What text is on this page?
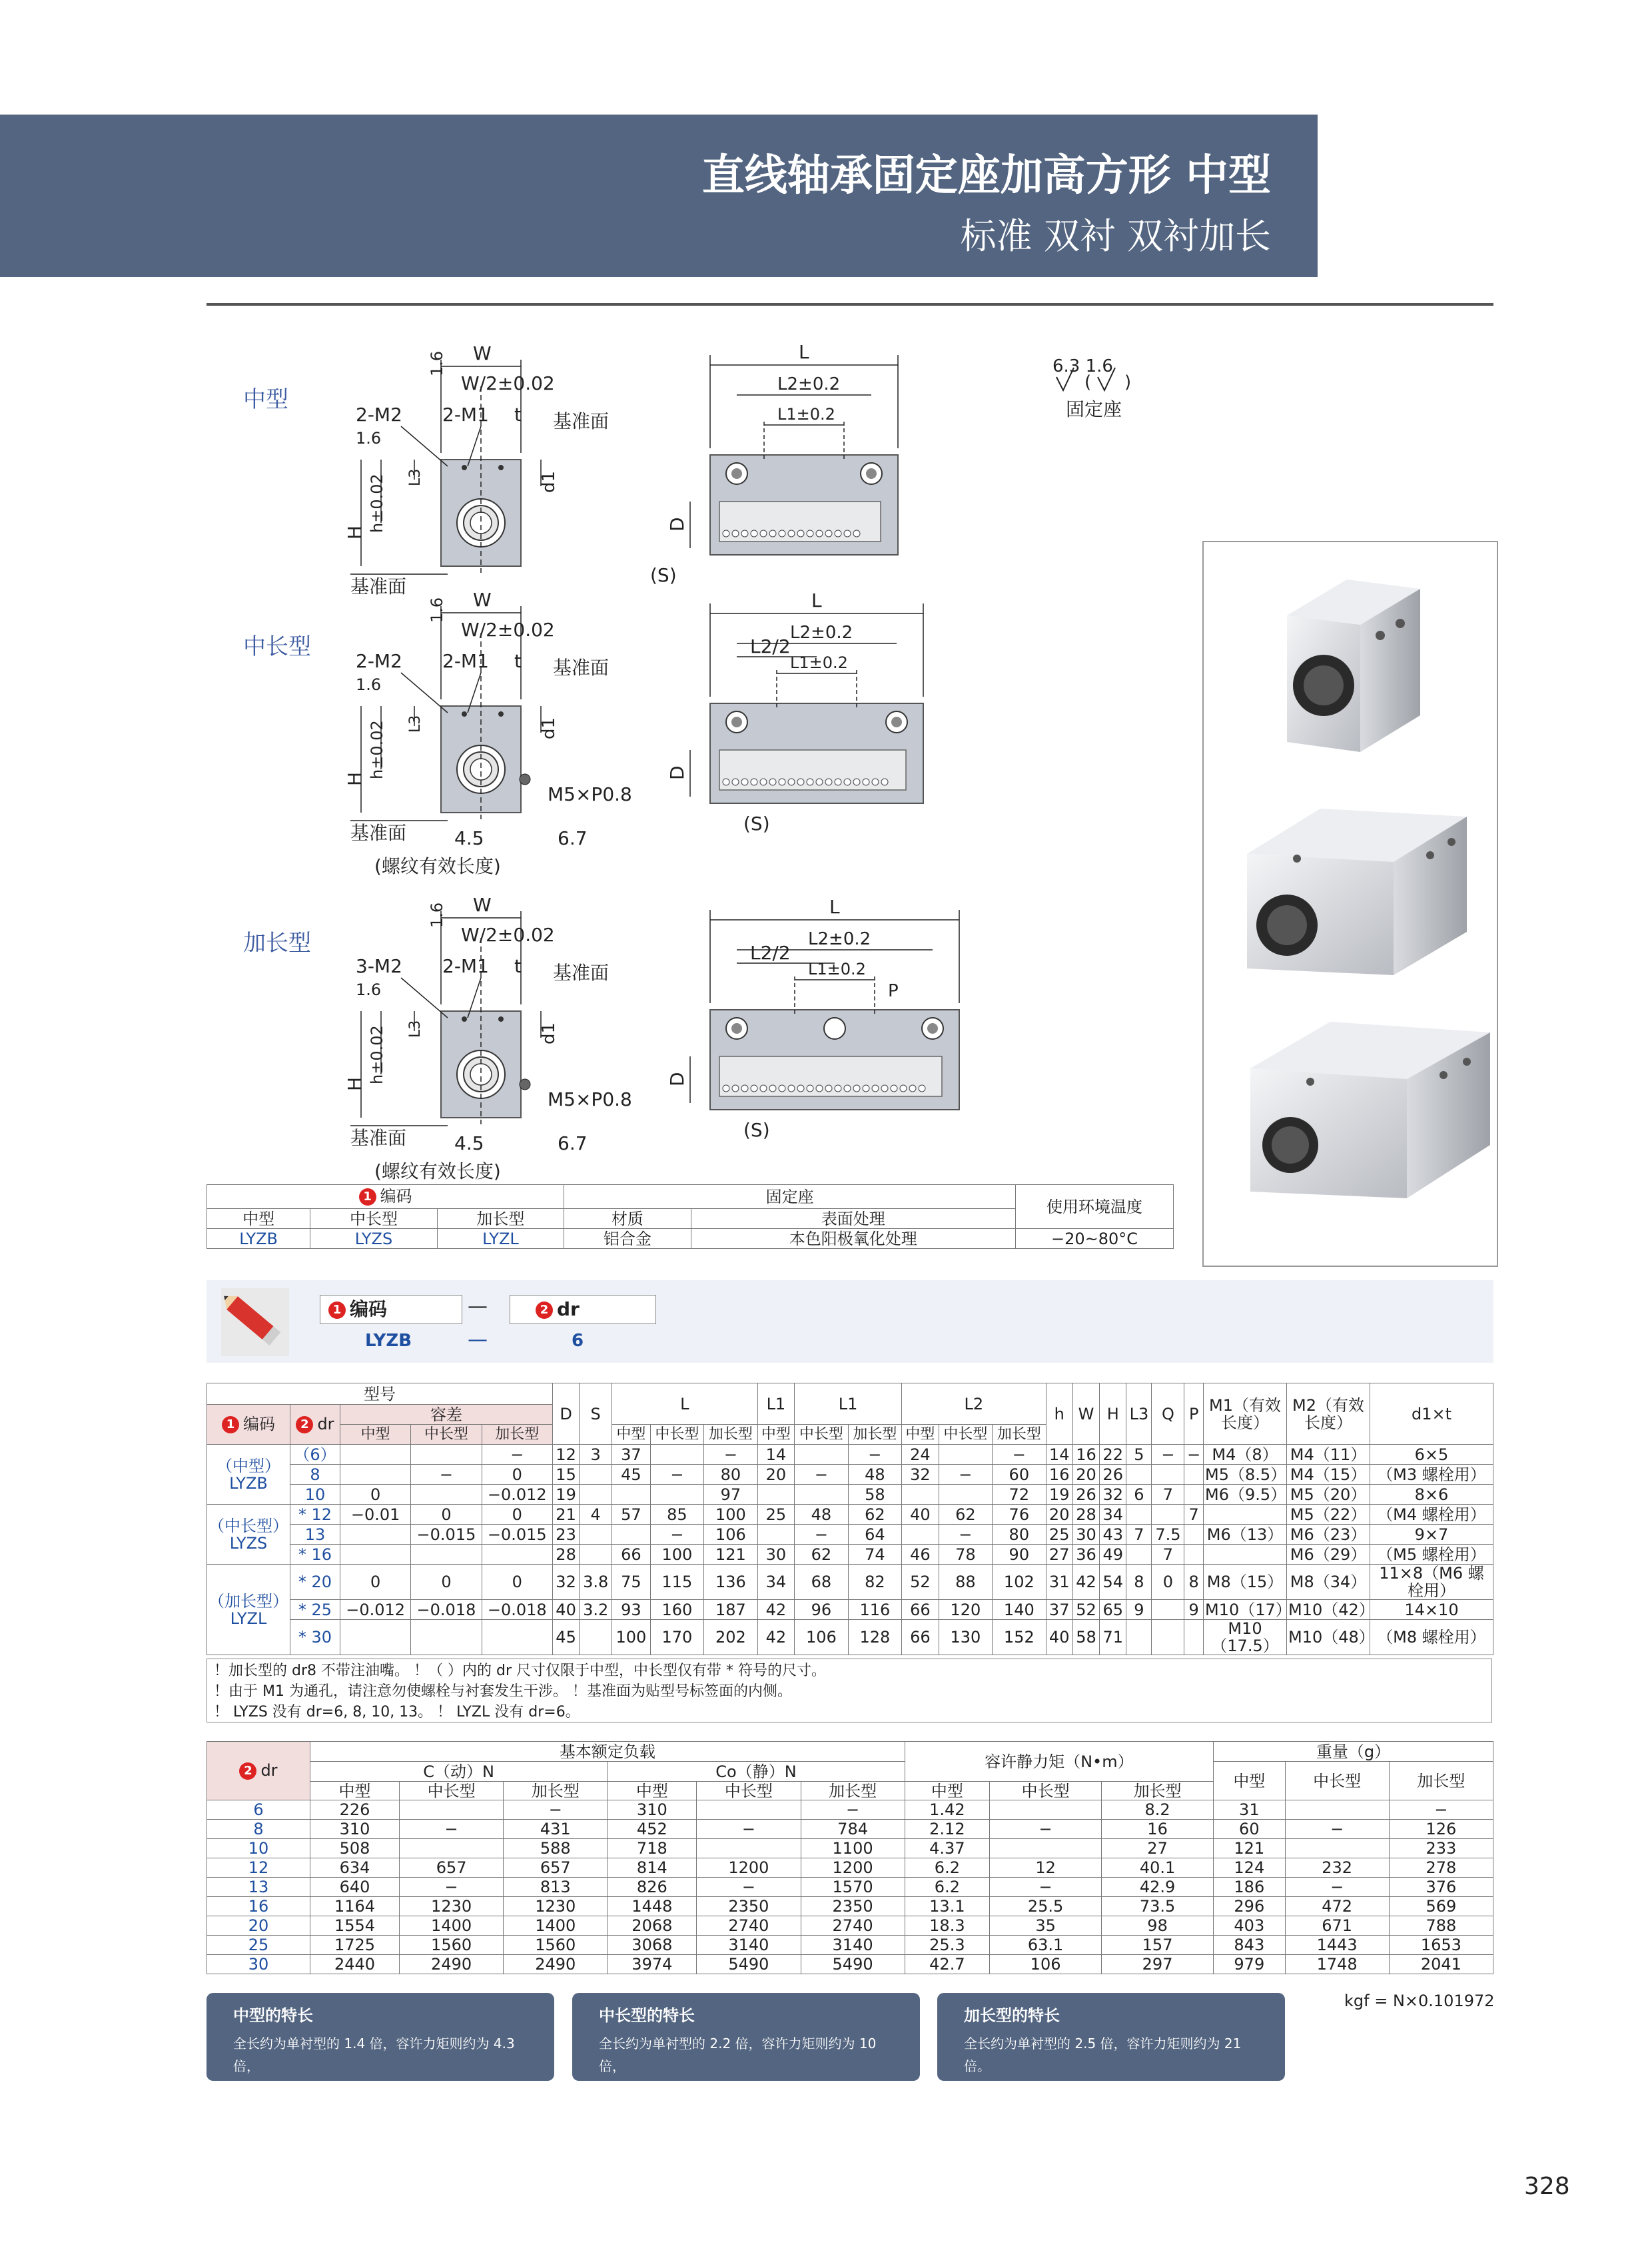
直线轴承固定座加高方形 中型
标准 双衬 双衬加长
中型
中长型
加长型
6.3 1.6
( )
固定座
W
W/2±0.02
1.6
2-M2 2-M1 t 基准面
1.6
H h±0.02 L3	d1
基准面
W
W/2±0.02
1.6
2-M2 2-M1 t 基准面
1.6
H h±0.02 L3	d1
基准面
M5×P0.8
4.5	6.7
(螺纹有效长度)
W
W/2±0.02
1.6
3-M2 2-M1 t 基准面
1.6
H h±0.02 L3	d1
基准面
M5×P0.8
4.5	6.7
(螺纹有效长度)
L
L2±0.2
L1±0.2
D
(S)
L
L2±0.2
L1±0.2
L2/2
D
(S)
L
L2±0.2
L1±0.2
L2/2
P
D
(S)
1 编码			固定座		使用环境温度
中型	中长型	加长型	材质	表面处理	
LYZB	LYZS	LYZL	铝合金	本色阳极氧化处理	−20~80°C
1 编码	—	2 dr
LYZB	—	6
型号					D	S	L			L1	L1		L2			h	W	H	L3	Q	P	M1（有效长度）	M2（有效长度）	d1×t
1 编码	2 dr	容差																						
		中型	中长型	加长型			中型	中长型	加长型	中型	中长型	加长型	中型	中长型	加长型									

（中型）
LYZB	（6）			−	12	3	37		−	14		−	24		−	14	16	22	5	−	−	M4（8）	M4（11）	6×5
	8		−	0	15		45	−	80	20	−	48	32	−	60	16	20	26				M5（8.5）	M4（15）	（M3 螺栓用）
	10	0		−0.012	19				97			58			72	19	26	32	6	7		M6（9.5）	M5（20）	8×6

（中长型）
LYZS	* 12	−0.01	0	0	21	4	57	85	100	25	48	62	40	62	76	20	28	34			7		M5（22）	（M4 螺栓用）
	13		−0.015	−0.015	23			−	106		−	64		−	80	25	30	43	7	7.5		M6（13）	M6（23）	9×7
	* 16				28		66	100	121	30	62	74	46	78	90	27	36	49		7			M6（29）	（M5 螺栓用）

（加长型）
LYZL	* 20	0	0	0	32	3.8	75	115	136	34	68	82	52	88	102	31	42	54	8	0	8	M8（15）	M8（34）	11×8（M6 螺栓用）
	* 25	−0.012	−0.018	−0.018	40	3.2	93	160	187	42	96	116	66	120	140	37	52	65	9		9	M10（17）	M10（42）	14×10
	* 30				45		100	170	202	42	106	128	66	130	152	40	58	71				M10（17.5）	M10（48）	（M8 螺栓用）
！加长型的 dr8 不带注油嘴。 ！（ ）内的 dr 尺寸仅限于中型，中长型仅有带 * 符号的尺寸。
！由于 M1 为通孔，请注意勿使螺栓与衬套发生干涉。 ！基准面为贴型号标签面的内侧。
！ LYZS 没有 dr=6, 8, 10, 13。 ！ LYZL 没有 dr=6。
2 dr	基本额定负载						容许静力矩（N•m）			重量（g）		
	C（动）N			Co（静）N						中型	中长型	加长型
	中型	中长型	加长型	中型	中长型	加长型	中型	中长型	加长型			
6	226		−	310		−	1.42		8.2	31		−
8	310	−	431	452	−	784	2.12	−	16	60	−	126
10	508		588	718		1100	4.37		27	121		233
12	634	657	657	814	1200	1200	6.2	12	40.1	124	232	278
13	640	−	813	826	−	1570	6.2	−	42.9	186	−	376
16	1164	1230	1230	1448	2350	2350	13.1	25.5	73.5	296	472	569
20	1554	1400	1400	2068	2740	2740	18.3	35	98	403	671	788
25	1725	1560	1560	3068	3140	3140	25.3	63.1	157	843	1443	1653
30	2440	2490	2490	3974	5490	5490	42.7	106	297	979	1748	2041
kgf = N×0.101972
中型的特长
全长约为单衬型的 1.4 倍，容许力矩则约为 4.3 倍，
最适于无双衬型空间时使用。
中长型的特长
全长约为单衬型的 2.2 倍，容许力矩则约为 10 倍，
最适于无加长型空间时使用。
加长型的特长
全长约为单衬型的 2.5 倍，容许力矩则约为 21 倍。
328
